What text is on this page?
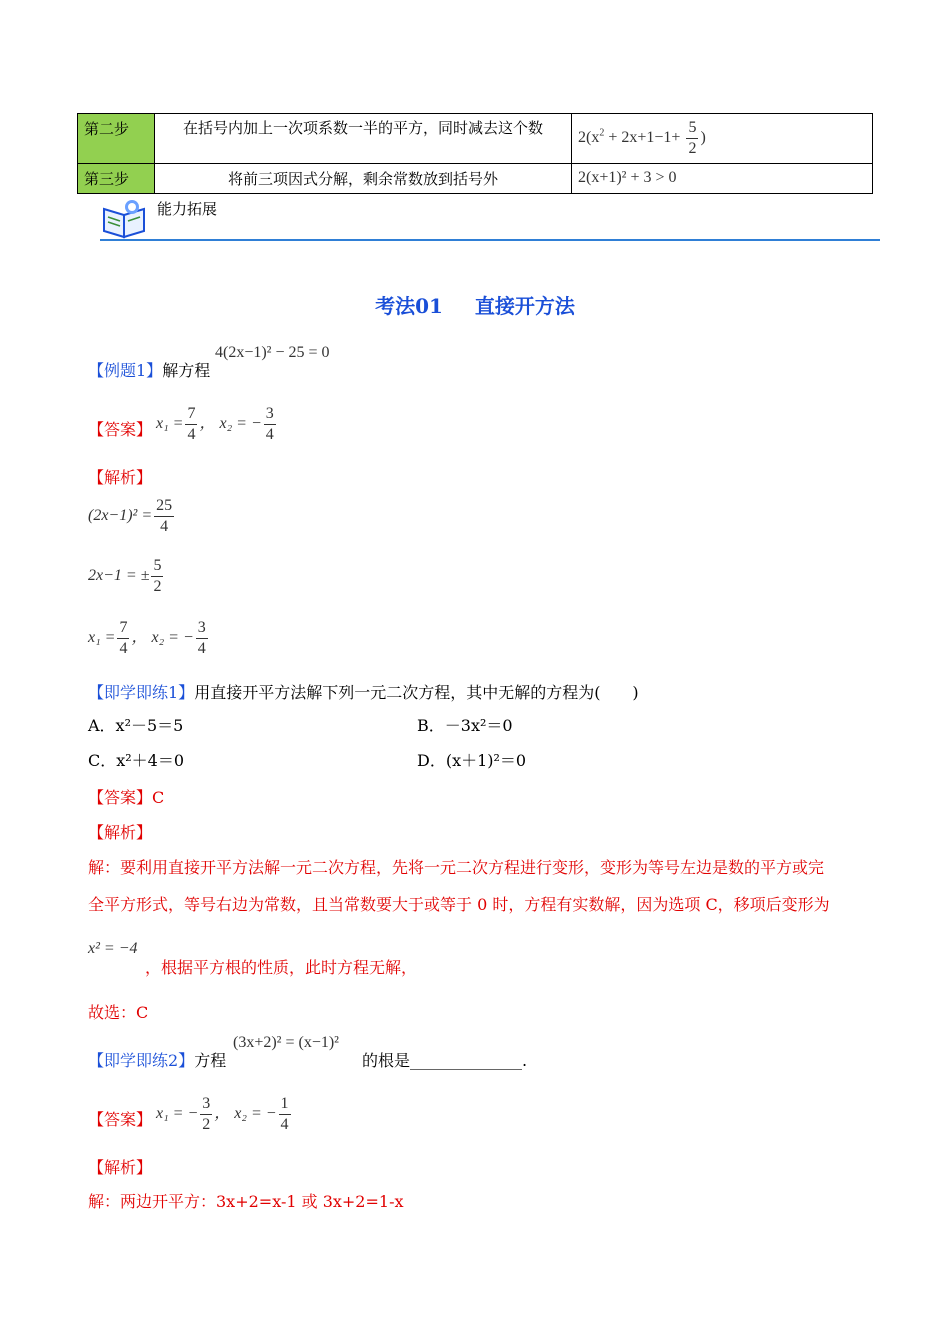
第二步	在括号内加上一次项系数一半的平方，同时减去这个数	$2(x^2 + 2x+1-1+ \frac{5}{2}$ )
第三步	将前三项因式分解，剩余常数放到括号外	2(x+1)² + 3 > 0
能力拓展
考法01 直接开方法
【例题1】解方程
4(2x−1)² − 25 = 0
【答案】 $x_1 = \frac{7}{4}$ ， x₂ = − $\frac{3}{4}$
【解析】
$(2x-1)^2 = \frac{25}{4}$
2x−1 = ± $\frac{5}{2}$
$x_1 = \frac{7}{4}$ ， x₂ = − $\frac{3}{4}$
【即学即练1】用直接开平方法解下列一元二次方程，其中无解的方程为(　　)
A．x²－5＝5	B．－3x²＝0
C．x²＋4＝0	D．(x＋1)²＝0
【答案】C
【解析】
解：要利用直接开平方法解一元二次方程，先将一元二次方程进行变形，变形为等号左边是数的平方或完
全平方形式，等号右边为常数，且当常数要大于或等于 0 时，方程有实数解，因为选项 C，移项后变形为
x² = −4
，根据平方根的性质，此时方程无解，
故选：C
【即学即练2】方程
(3x+2)² = (x−1)²
的根是______________.
【答案】 x₁ = − $\frac{3}{2}$ ， x₂ = − $\frac{1}{4}$
【解析】
解：两边开平方：3x+2=x-1 或 3x+2=1-x
